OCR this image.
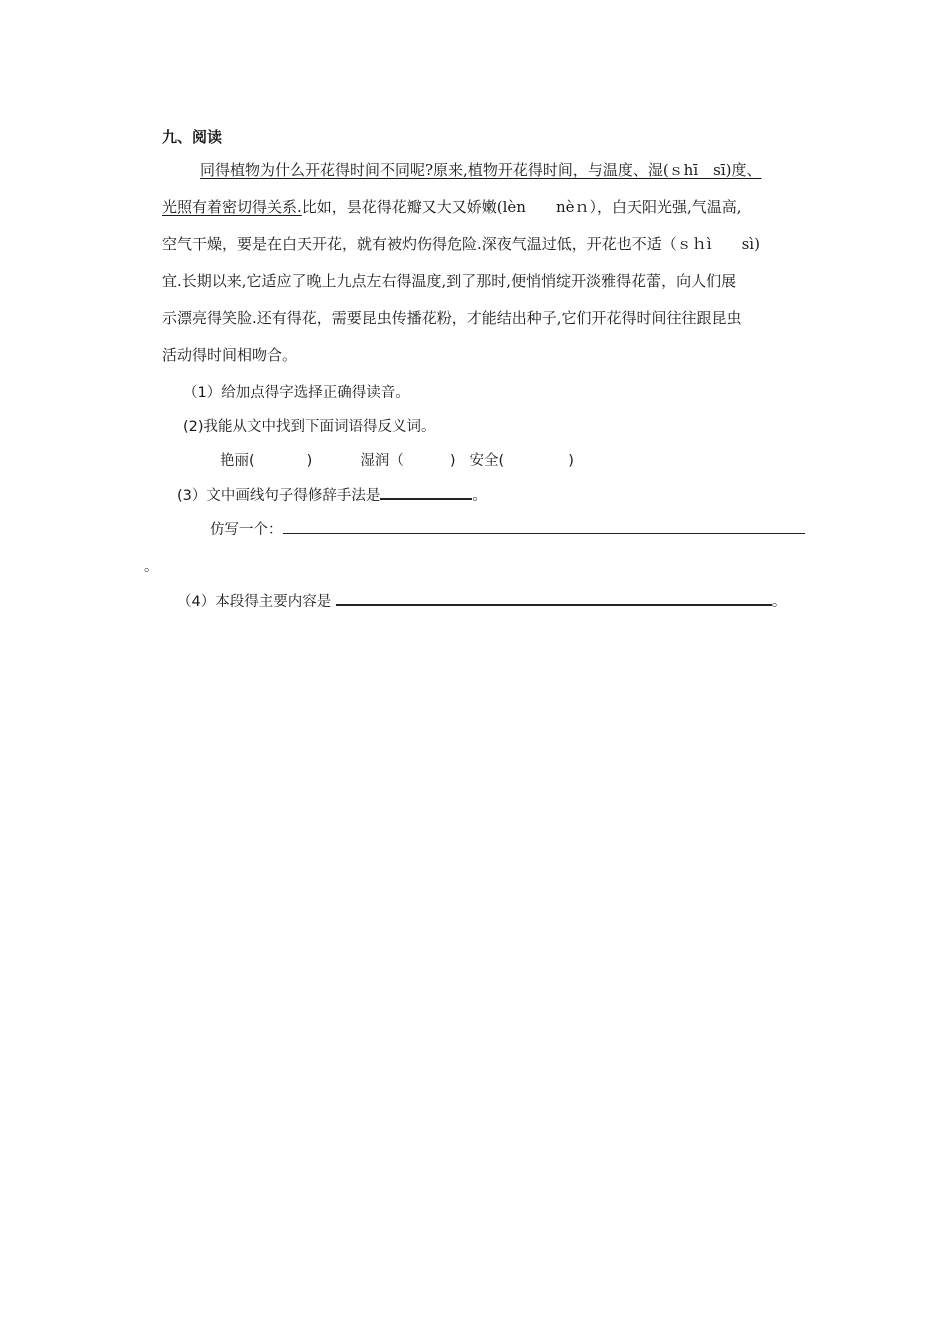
九、阅读
同得植物为什么开花得时间不同呢?原来,植物开花得时间，与温度、湿(ｓhī　sī)度、
光照有着密切得关系.比如，昙花得花瓣又大又娇嫩(lèn　　nèｎ），白天阳光强,气温高,
空气干燥，要是在白天开花，就有被灼伤得危险.深夜气温过低，开花也不适（ｓｈì　　sì)
宜.长期以来,它适应了晚上九点左右得温度,到了那时,便悄悄绽开淡雅得花蕾，向人们展
示漂亮得笑脸.还有得花，需要昆虫传播花粉，才能结出种子,它们开花得时间往往跟昆虫
活动得时间相吻合。
（1）给加点得字选择正确得读音。
(2)我能从文中找到下面词语得反义词。
艳丽(	)	湿润（	) 安全(	)
(3）文中画线句子得修辞手法是	。
仿写一个：
。
（4）本段得主要内容是	。
